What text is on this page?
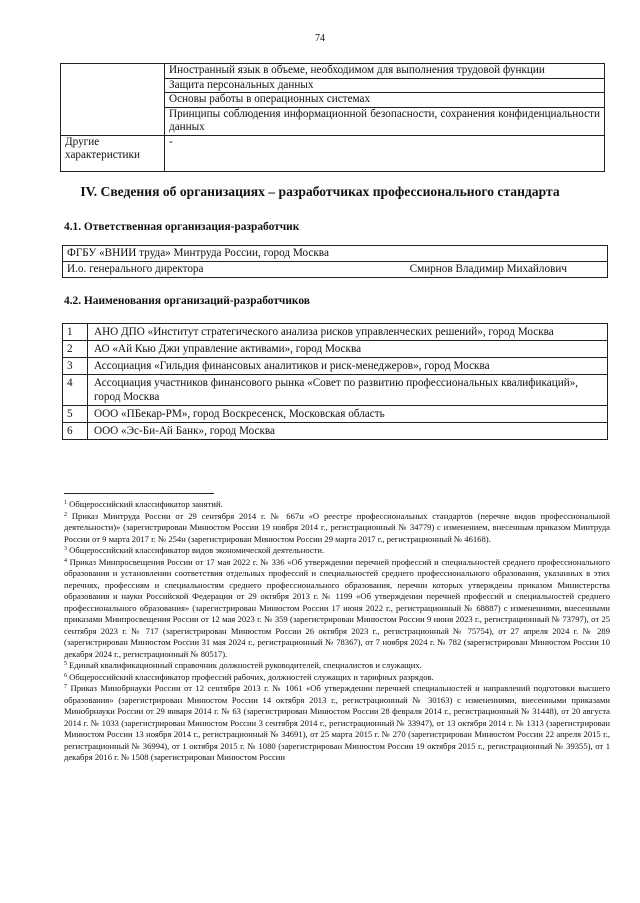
74
	Иностранный язык в объеме, необходимом для выполнения трудовой функции
	Защита персональных данных
	Основы работы в операционных системах
	Принципы соблюдения информационной безопасности, сохранения конфиденциальности данных
Другие характеристики	-
IV. Сведения об организациях – разработчиках профессионального стандарта
4.1. Ответственная организация-разработчик
ФГБУ «ВНИИ труда» Минтруда России, город Москва

И.о. генерального директора	Смирнов Владимир Михайлович
4.2. Наименования организаций-разработчиков
1	АНО ДПО «Институт стратегического анализа рисков управленческих решений», город Москва
2	АО «Ай Кью Джи управление активами», город Москва
3	Ассоциация «Гильдия финансовых аналитиков и риск-менеджеров», город Москва
4	Ассоциация участников финансового рынка «Совет по развитию профессиональных квалификаций», город Москва
5	ООО «ПБекар-РМ», город Воскресенск, Московская область
6	ООО «Эс-Би-Ай Банк», город Москва

$^1$ Общероссийский классификатор занятий.

$^2$ Приказ Минтруда России от 29 сентября 2014 г. № 667н «О реестре профессиональных стандартов (перечне видов профессиональной деятельности)» (зарегистрирован Минюстом России 19 ноября 2014 г., регистрационный № 34779) с изменением, внесенным приказом Минтруда России от 9 марта 2017 г. № 254н (зарегистрирован Минюстом России 29 марта 2017 г., регистрационный № 46168).

$^3$ Общероссийский классификатор видов экономической деятельности.

$^4$ Приказ Минпросвещения России от 17 мая 2022 г. № 336 «Об утверждении перечней профессий и специальностей среднего профессионального образования и установлении соответствия отдельных профессий и специальностей среднего профессионального образования, указанных в этих перечнях, профессиям и специальностям среднего профессионального образования, перечни которых утверждены приказом Министерства образования и науки Российской Федерации от 29 октября 2013 г. № 1199 «Об утверждении перечней профессий и специальностей среднего профессионального образования» (зарегистрирован Минюстом России 17 июня 2022 г., регистрационный № 68887) с изменениями, внесенными приказами Минпросвещения России от 12 мая 2023 г. № 359 (зарегистрирован Минюстом России 9 июня 2023 г., регистрационный № 73797), от 25 сентября 2023 г. № 717 (зарегистрирован Минюстом России 26 октября 2023 г., регистрационный № 75754), от 27 апреля 2024 г. № 289 (зарегистрирован Минюстом России 31 мая 2024 г., регистрационный № 78367), от 7 ноября 2024 г. № 782 (зарегистрирован Минюстом России 10 декабря 2024 г., регистрационный № 80517).

$^5$ Единый квалификационный справочник должностей руководителей, специалистов и служащих.

$^6$ Общероссийский классификатор профессий рабочих, должностей служащих и тарифных разрядов.

$^7$ Приказ Минобрнауки России от 12 сентября 2013 г. № 1061 «Об утверждении перечней специальностей и направлений подготовки высшего образования» (зарегистрирован Минюстом России 14 октября 2013 г., регистрационный № 30163) с изменениями, внесенными приказами Минобрнауки России от 29 января 2014 г. № 63 (зарегистрирован Минюстом России 28 февраля 2014 г., регистрационный № 31448), от 20 августа 2014 г. № 1033 (зарегистрирован Минюстом России 3 сентября 2014 г., регистрационный № 33947), от 13 октября 2014 г. № 1313 (зарегистрирован Минюстом России 13 ноября 2014 г., регистрационный № 34691), от 25 марта 2015 г. № 270 (зарегистрирован Минюстом России 22 апреля 2015 г., регистрационный № 36994), от 1 октября 2015 г. № 1080 (зарегистрирован Минюстом России 19 октября 2015 г., регистрационный № 39355), от 1 декабря 2016 г. № 1508 (зарегистрирован Минюстом России
